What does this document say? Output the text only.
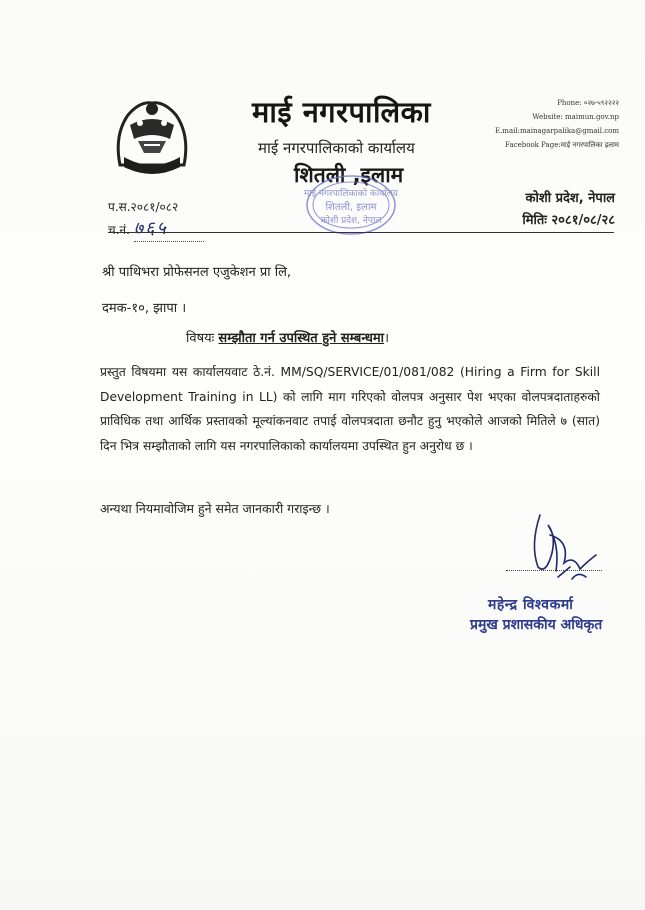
माई नगरपालिका
माई नगरपालिकाको कार्यालय
शितली ,इलाम
Phone: ०२७-५९२२२२
Website: maimun.gov.np
E.mail:mainagarpalika@gmail.com
Facebook Page:माई नगरपालिका इलाम
माई नगरपालिकाको कार्यालय
शितली, इलाम
कोशी प्रदेश, नेपाल
प.स.२०८१/०८२
च.नं. ७६५
कोशी प्रदेश, नेपाल
मितिः २०८१/०८/२८
श्री पाथिभरा प्रोफेसनल एजुकेशन प्रा लि,
दमक-१०, झापा ।
विषयः सम्झौता गर्न उपस्थित हुने सम्बन्धमा।
प्रस्तुत विषयमा यस कार्यालयवाट ठे.नं. MM/SQ/SERVICE/01/081/082 (Hiring a Firm for Skill Development Training in LL) को लागि माग गरिएको वोलपत्र अनुसार पेश भएका वोलपत्रदाताहरुको प्राविधिक तथा आर्थिक प्रस्तावको मूल्यांकनवाट तपाई वोलपत्रदाता छनौट हुनु भएकोले आजको मितिले ७ (सात) दिन भित्र सम्झौताको लागि यस नगरपालिकाको कार्यालयमा उपस्थित हुन अनुरोध छ ।
अन्यथा नियमावोजिम हुने समेत जानकारी गराइन्छ ।
महेन्द्र विश्वकर्मा
प्रमुख प्रशासकीय अधिकृत
